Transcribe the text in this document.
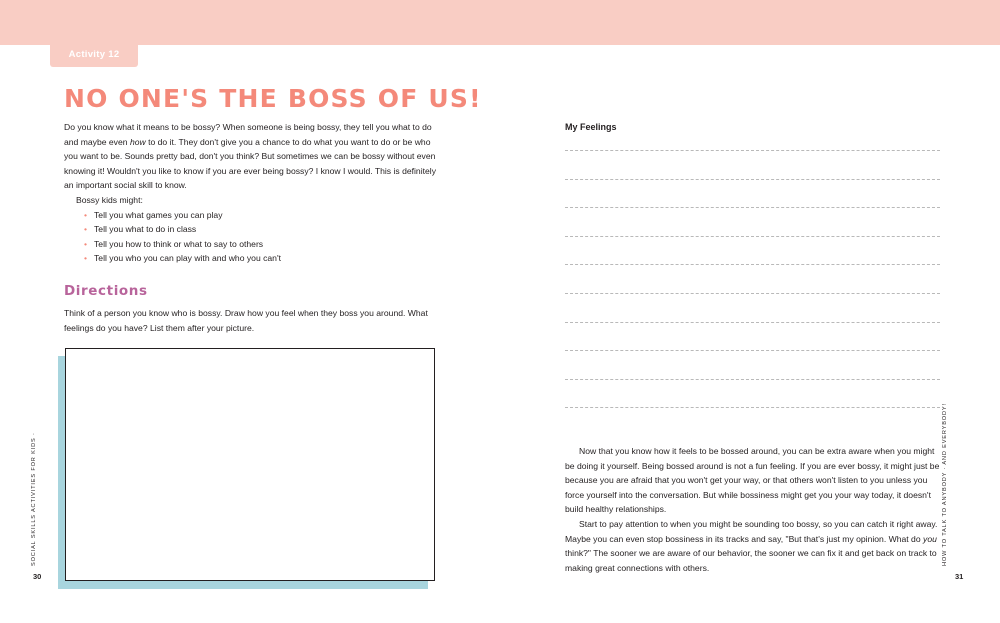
Activity 12
NO ONE'S THE BOSS OF US!

Do you know what it means to be bossy? When someone is being bossy, they tell you what to do and maybe even how to do it. They don't give you a chance to do what you want to do or be who you want to be. Sounds pretty bad, don't you think? But sometimes we can be bossy without even knowing it! Wouldn't you like to know if you are ever being bossy? I know I would. This is definitely an important social skill to know.

Bossy kids might:

• Tell you what games you can play
• Tell you what to do in class
• Tell you how to think or what to say to others
• Tell you who you can play with and who you can't
Directions
Think of a person you know who is bossy. Draw how you feel when they boss you around. What feelings do you have? List them after your picture.
My Feelings

Now that you know how it feels to be bossed around, you can be extra aware when you might be doing it yourself. Being bossed around is not a fun feeling. If you are ever bossy, it might just be because you are afraid that you won't get your way, or that others won't listen to you unless you force yourself into the conversation. But while bossiness might get you your way today, it doesn't build healthy relationships.

Start to pay attention to when you might be sounding too bossy, so you can catch it right away. Maybe you can even stop bossiness in its tracks and say, "But that's just my opinion. What do you think?" The sooner we are aware of our behavior, the sooner we can fix it and get back on track to making great connections with others.

30	31
SOCIAL SKILLS ACTIVITIES FOR KIDS ·	HOW TO TALK TO ANYBODY · AND EVERYBODY!
